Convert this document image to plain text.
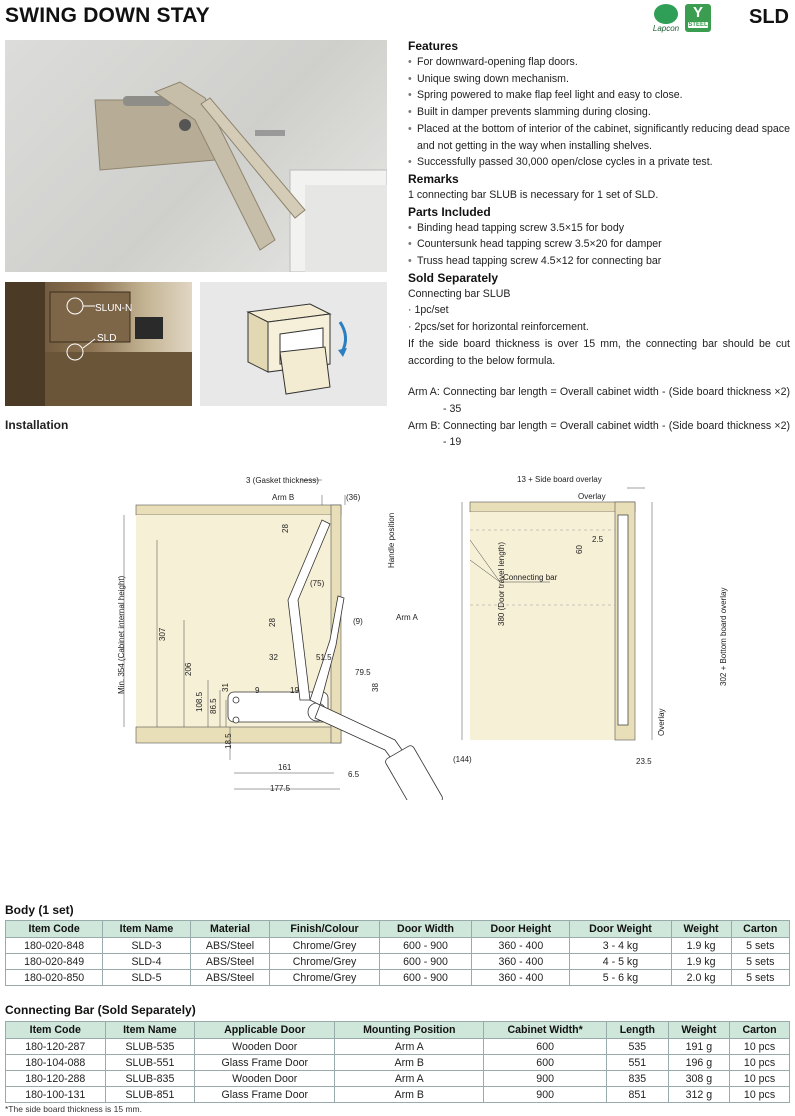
SWING DOWN STAY
Lapcon
Y
STEEL SLD
SLUN-N
SLD
Installation
Features
• For downward-opening flap doors.
• Unique swing down mechanism.
• Spring powered to make flap feel light and easy to close.
• Built in damper prevents slamming during closing.
• Placed at the bottom of interior of the cabinet, significantly reducing dead space and not getting in the way when installing shelves.
• Successfully passed 30,000 open/close cycles in a private test.
Remarks

1 connecting bar SLUB is necessary for 1 set of SLD.

Parts Included
• Binding head tapping screw 3.5×15 for body
• Countersunk head tapping screw 3.5×20 for damper
• Truss head tapping screw 4.5×12 for connecting bar
Sold Separately

Connecting bar SLUB

· 1pc/set

· 2pcs/set for horizontal reinforcement.

If the side board thickness is over 15 mm, the connecting bar should be cut according to the below formula.

Arm A: Connecting bar length = Overall cabinet width - (Side board thickness ×2) - 35
Arm B: Connecting bar length = Overall cabinet width - (Side board thickness ×2) - 19
3 (Gasket thickness)
Arm B	(36)
28
(75)
Handle position
Arm A
(9)
28
Min. 354 (Cabinet internal height)	307
206
32	51.5
79.5
38
9	19
31
108.5 86.5
18.5
161
6.5
177.5
(144)
380 (Door travel length)
13 + Side board overlay
Overlay
2.5
60
Connecting bar
302 + Bottom board overlay
Overlay
23.5
Body (1 set)
Item Code	Item Name	Material	Finish/Colour	Door Width	Door Height	Door Weight	Weight	Carton
180-020-848	SLD-3	ABS/Steel	Chrome/Grey	600 - 900	360 - 400	3 - 4 kg	1.9 kg	5 sets
180-020-849	SLD-4	ABS/Steel	Chrome/Grey	600 - 900	360 - 400	4 - 5 kg	1.9 kg	5 sets
180-020-850	SLD-5	ABS/Steel	Chrome/Grey	600 - 900	360 - 400	5 - 6 kg	2.0 kg	5 sets
Connecting Bar (Sold Separately)
Item Code	Item Name	Applicable Door	Mounting Position	Cabinet Width*	Length	Weight	Carton
180-120-287	SLUB-535	Wooden Door	Arm A	600	535	191 g	10 pcs
180-104-088	SLUB-551	Glass Frame Door	Arm B	600	551	196 g	10 pcs
180-120-288	SLUB-835	Wooden Door	Arm A	900	835	308 g	10 pcs
180-100-131	SLUB-851	Glass Frame Door	Arm B	900	851	312 g	10 pcs
*The side board thickness is 15 mm.
